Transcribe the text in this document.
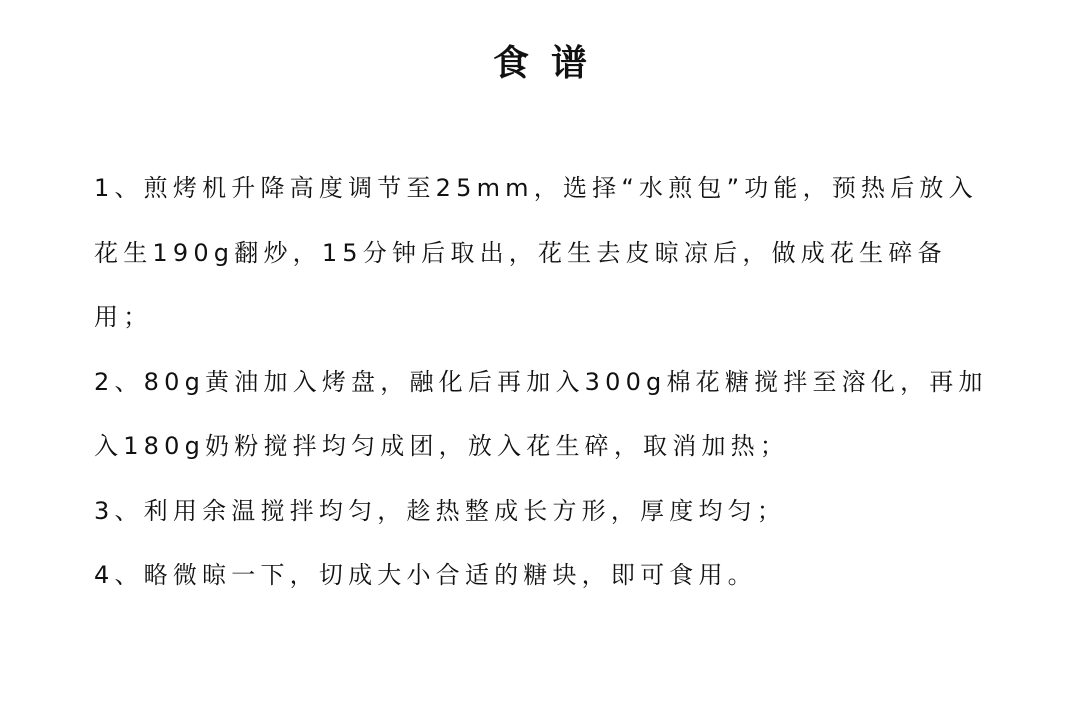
食谱
1、煎烤机升降高度调节至25mm，选择“水煎包”功能，预热后放入花生190g翻炒，15分钟后取出，花生去皮晾凉后，做成花生碎备用；
2、80g黄油加入烤盘，融化后再加入300g棉花糖搅拌至溶化，再加入180g奶粉搅拌均匀成团，放入花生碎，取消加热；
3、利用余温搅拌均匀，趁热整成长方形，厚度均匀；
4、略微晾一下，切成大小合适的糖块，即可食用。
